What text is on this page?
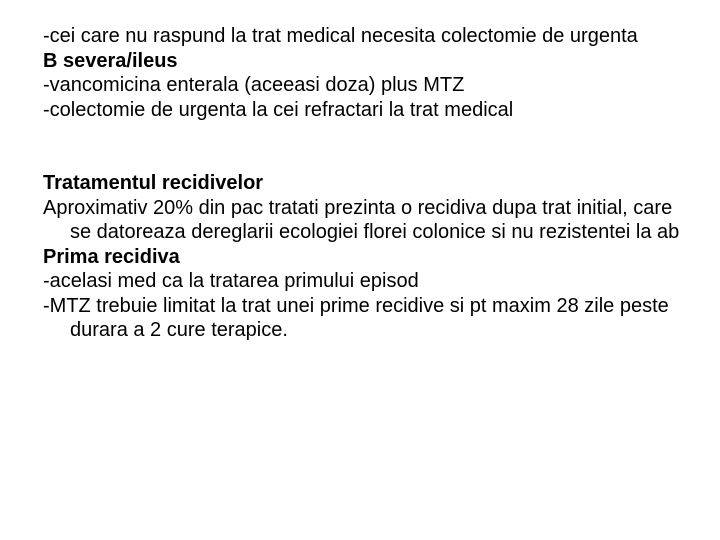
-cei care nu raspund la trat medical necesita colectomie de urgenta

B severa/ileus

-vancomicina enterala (aceeasi doza) plus MTZ

-colectomie de urgenta la cei refractari la trat medical

Tratamentul recidivelor

Aproximativ 20% din pac tratati prezinta o recidiva dupa trat initial, care se datoreaza dereglarii ecologiei florei colonice si nu rezistentei la ab

Prima recidiva

-acelasi med ca la tratarea primului episod

-MTZ trebuie limitat la trat unei prime recidive si pt maxim 28 zile peste durara a 2 cure terapice.
